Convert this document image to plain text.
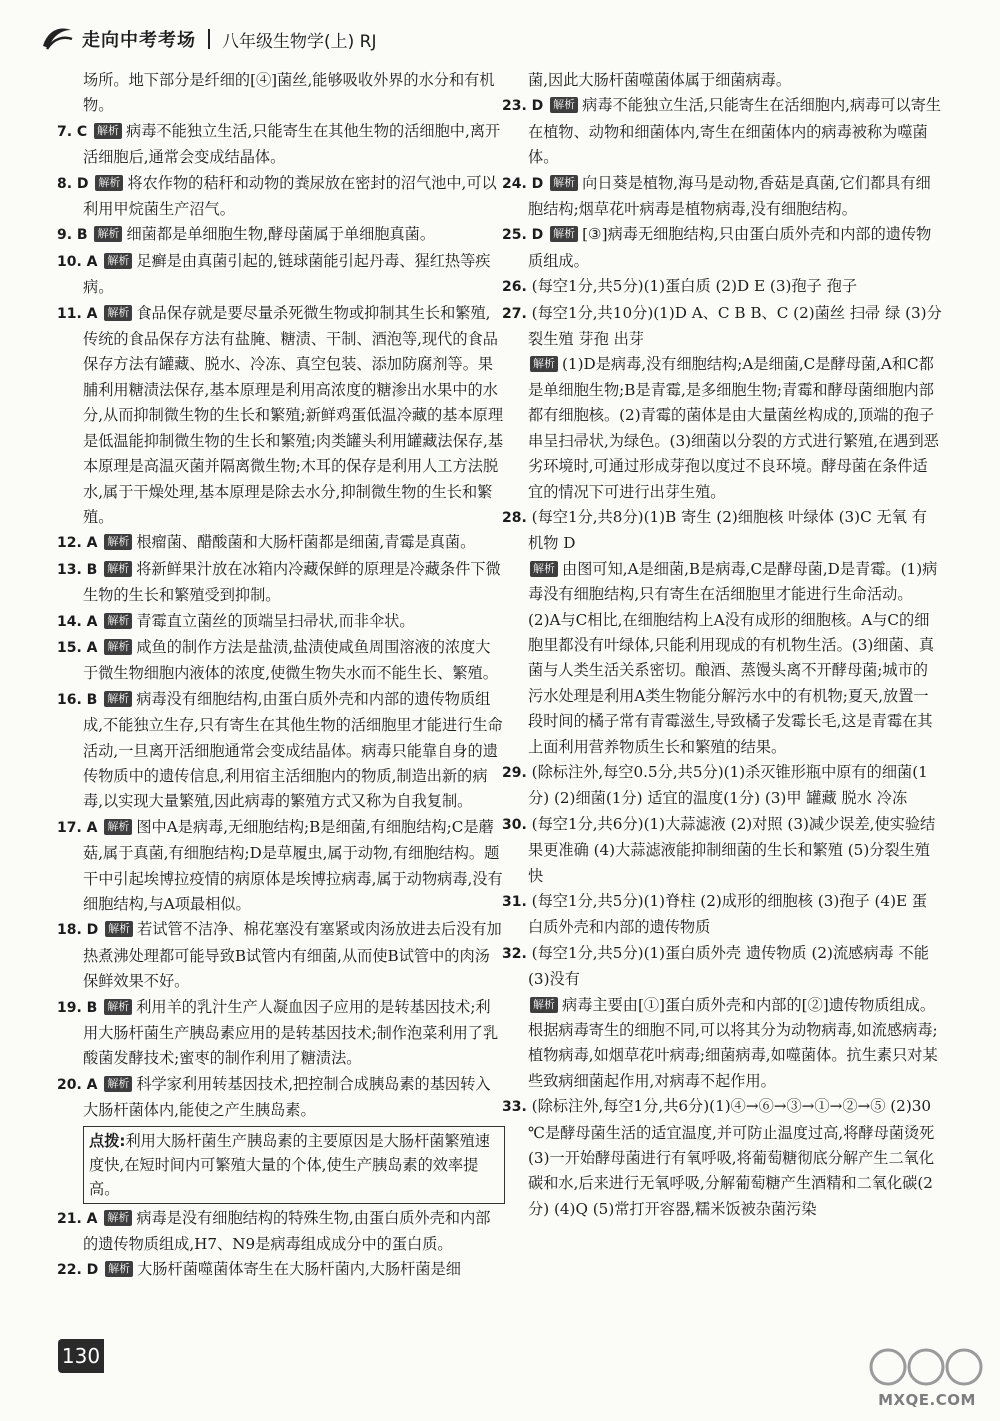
走向中考考场 八年级生物学(上) RJ

场所。地下部分是纤细的[④]菌丝,能够吸收外界的水分和有机物。

7. C 解析 病毒不能独立生活,只能寄生在其他生物的活细胞中,离开活细胞后,通常会变成结晶体。

8. D 解析 将农作物的秸秆和动物的粪尿放在密封的沼气池中,可以利用甲烷菌生产沼气。

9. B 解析 细菌都是单细胞生物,酵母菌属于单细胞真菌。

10. A 解析 足癣是由真菌引起的,链球菌能引起丹毒、猩红热等疾病。

11. A 解析 食品保存就是要尽量杀死微生物或抑制其生长和繁殖,传统的食品保存方法有盐腌、糖渍、干制、酒泡等,现代的食品保存方法有罐藏、脱水、冷冻、真空包装、添加防腐剂等。果脯利用糖渍法保存,基本原理是利用高浓度的糖渗出水果中的水分,从而抑制微生物的生长和繁殖;新鲜鸡蛋低温冷藏的基本原理是低温能抑制微生物的生长和繁殖;肉类罐头利用罐藏法保存,基本原理是高温灭菌并隔离微生物;木耳的保存是利用人工方法脱水,属于干燥处理,基本原理是除去水分,抑制微生物的生长和繁殖。

12. A 解析 根瘤菌、醋酸菌和大肠杆菌都是细菌,青霉是真菌。

13. B 解析 将新鲜果汁放在冰箱内冷藏保鲜的原理是冷藏条件下微生物的生长和繁殖受到抑制。

14. A 解析 青霉直立菌丝的顶端呈扫帚状,而非伞状。

15. A 解析 咸鱼的制作方法是盐渍,盐渍使咸鱼周围溶液的浓度大于微生物细胞内液体的浓度,使微生物失水而不能生长、繁殖。

16. B 解析 病毒没有细胞结构,由蛋白质外壳和内部的遗传物质组成,不能独立生存,只有寄生在其他生物的活细胞里才能进行生命活动,一旦离开活细胞通常会变成结晶体。病毒只能靠自身的遗传物质中的遗传信息,利用宿主活细胞内的物质,制造出新的病毒,以实现大量繁殖,因此病毒的繁殖方式又称为自我复制。

17. A 解析 图中A是病毒,无细胞结构;B是细菌,有细胞结构;C是蘑菇,属于真菌,有细胞结构;D是草履虫,属于动物,有细胞结构。题干中引起埃博拉疫情的病原体是埃博拉病毒,属于动物病毒,没有细胞结构,与A项最相似。

18. D 解析 若试管不洁净、棉花塞没有塞紧或肉汤放进去后没有加热煮沸处理都可能导致B试管内有细菌,从而使B试管中的肉汤保鲜效果不好。

19. B 解析 利用羊的乳汁生产人凝血因子应用的是转基因技术;利用大肠杆菌生产胰岛素应用的是转基因技术;制作泡菜利用了乳酸菌发酵技术;蜜枣的制作利用了糖渍法。

20. A 解析 科学家利用转基因技术,把控制合成胰岛素的基因转入大肠杆菌体内,能使之产生胰岛素。

点拨:利用大肠杆菌生产胰岛素的主要原因是大肠杆菌繁殖速度快,在短时间内可繁殖大量的个体,使生产胰岛素的效率提高。

21. A 解析 病毒是没有细胞结构的特殊生物,由蛋白质外壳和内部的遗传物质组成,H7、N9是病毒组成成分中的蛋白质。

22. D 解析 大肠杆菌噬菌体寄生在大肠杆菌内,大肠杆菌是细

菌,因此大肠杆菌噬菌体属于细菌病毒。

23. D 解析 病毒不能独立生活,只能寄生在活细胞内,病毒可以寄生在植物、动物和细菌体内,寄生在细菌体内的病毒被称为噬菌体。

24. D 解析 向日葵是植物,海马是动物,香菇是真菌,它们都具有细胞结构;烟草花叶病毒是植物病毒,没有细胞结构。

25. D 解析 [③]病毒无细胞结构,只由蛋白质外壳和内部的遗传物质组成。

26. (每空1分,共5分)(1)蛋白质 (2)D E (3)孢子 孢子

27. (每空1分,共10分)(1)D A、C B B、C (2)菌丝 扫帚 绿 (3)分裂生殖 芽孢 出芽

解析 (1)D是病毒,没有细胞结构;A是细菌,C是酵母菌,A和C都是单细胞生物;B是青霉,是多细胞生物;青霉和酵母菌细胞内部都有细胞核。(2)青霉的菌体是由大量菌丝构成的,顶端的孢子串呈扫帚状,为绿色。(3)细菌以分裂的方式进行繁殖,在遇到恶劣环境时,可通过形成芽孢以度过不良环境。酵母菌在条件适宜的情况下可进行出芽生殖。

28. (每空1分,共8分)(1)B 寄生 (2)细胞核 叶绿体 (3)C 无氧 有机物 D

解析 由图可知,A是细菌,B是病毒,C是酵母菌,D是青霉。(1)病毒没有细胞结构,只有寄生在活细胞里才能进行生命活动。(2)A与C相比,在细胞结构上A没有成形的细胞核。A与C的细胞里都没有叶绿体,只能利用现成的有机物生活。(3)细菌、真菌与人类生活关系密切。酿酒、蒸馒头离不开酵母菌;城市的污水处理是利用A类生物能分解污水中的有机物;夏天,放置一段时间的橘子常有青霉滋生,导致橘子发霉长毛,这是青霉在其上面利用营养物质生长和繁殖的结果。

29. (除标注外,每空0.5分,共5分)(1)杀灭锥形瓶中原有的细菌(1分) (2)细菌(1分) 适宜的温度(1分) (3)甲 罐藏 脱水 冷冻

30. (每空1分,共6分)(1)大蒜滤液 (2)对照 (3)减少误差,使实验结果更准确 (4)大蒜滤液能抑制细菌的生长和繁殖 (5)分裂生殖 快

31. (每空1分,共5分)(1)脊柱 (2)成形的细胞核 (3)孢子 (4)E 蛋白质外壳和内部的遗传物质

32. (每空1分,共5分)(1)蛋白质外壳 遗传物质 (2)流感病毒 不能 (3)没有

解析 病毒主要由[①]蛋白质外壳和内部的[②]遗传物质组成。根据病毒寄生的细胞不同,可以将其分为动物病毒,如流感病毒;植物病毒,如烟草花叶病毒;细菌病毒,如噬菌体。抗生素只对某些致病细菌起作用,对病毒不起作用。

33. (除标注外,每空1分,共6分)(1)④→⑥→③→①→②→⑤ (2)30 ℃是酵母菌生活的适宜温度,并可防止温度过高,将酵母菌烫死 (3)一开始酵母菌进行有氧呼吸,将葡萄糖彻底分解产生二氧化碳和水,后来进行无氧呼吸,分解葡萄糖产生酒精和二氧化碳(2分) (4)Q (5)常打开容器,糯米饭被杂菌污染

130
MXQE.COM
